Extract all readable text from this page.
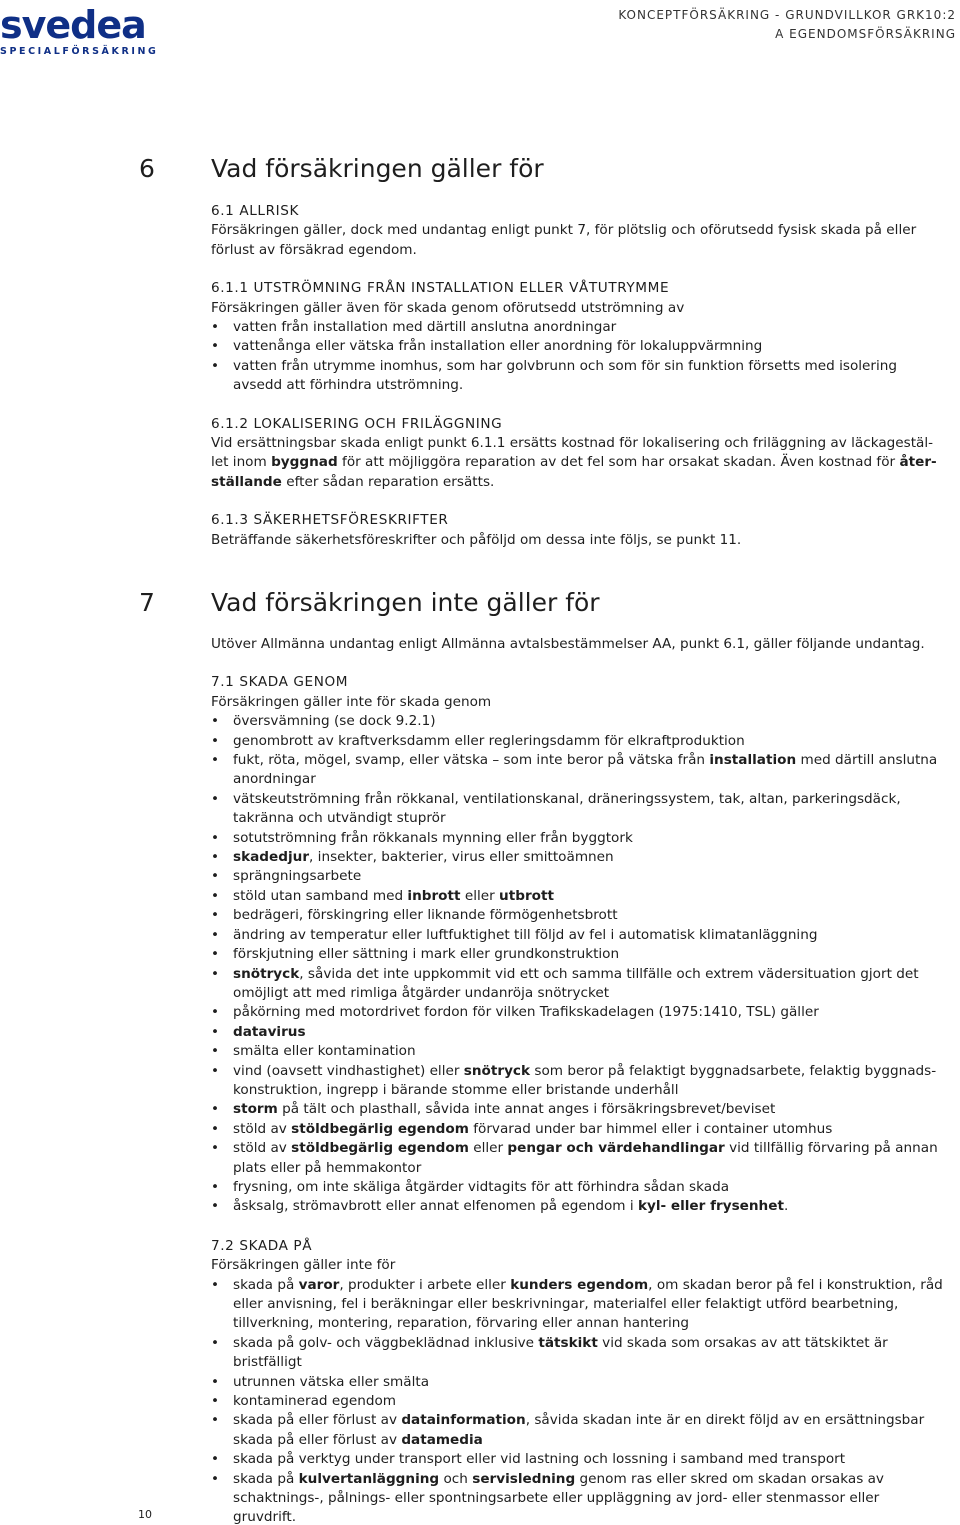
svedea
SPECIALFÖRSÄKRING
KONCEPTFÖRSÄKRING - GRUNDVILLKOR GRK10:2
A EGENDOMSFÖRSÄKRING
6 Vad försäkringen gäller för

6.1 ALLRISK

Försäkringen gäller, dock med undantag enligt punkt 7, för plötslig och oförutsedd fysisk skada på eller förlust av försäkrad egendom.

6.1.1 UTSTRÖMNING FRÅN INSTALLATION ELLER VÅTUTRYMME

Försäkringen gäller även för skada genom oförutsedd utströmning av

• vatten från installation med därtill anslutna anordningar
• vattenånga eller vätska från installation eller anordning för lokaluppvärmning
• vatten från utrymme inomhus, som har golvbrunn och som för sin funktion försetts med isolering avsedd att förhindra utströmning.

6.1.2 LOKALISERING OCH FRILÄGGNING

Vid ersättningsbar skada enligt punkt 6.1.1 ersätts kostnad för lokalisering och friläggning av läckagestäl-
let inom byggnad för att möjliggöra reparation av det fel som har orsakat skadan. Även kostnad för åter-
ställande efter sådan reparation ersätts.

6.1.3 SÄKERHETSFÖRESKRIFTER

Beträffande säkerhetsföreskrifter och påföljd om dessa inte följs, se punkt 11.

7 Vad försäkringen inte gäller för

Utöver Allmänna undantag enligt Allmänna avtalsbestämmelser AA, punkt 6.1, gäller följande undantag.

7.1 SKADA GENOM

Försäkringen gäller inte för skada genom

• översvämning (se dock 9.2.1)
• genombrott av kraftverksdamm eller regleringsdamm för elkraftproduktion
• fukt, röta, mögel, svamp, eller vätska – som inte beror på vätska från installation med därtill anslutna anordningar
• vätskeutströmning från rökkanal, ventilationskanal, dräneringssystem, tak, altan, parkeringsdäck, takränna och utvändigt stuprör
• sotutströmning från rökkanals mynning eller från byggtork
• skadedjur, insekter, bakterier, virus eller smittoämnen
• sprängningsarbete
• stöld utan samband med inbrott eller utbrott
• bedrägeri, förskingring eller liknande förmögenhetsbrott
• ändring av temperatur eller luftfuktighet till följd av fel i automatisk klimatanläggning
• förskjutning eller sättning i mark eller grundkonstruktion
• snötryck, såvida det inte uppkommit vid ett och samma tillfälle och extrem vädersituation gjort det omöjligt att med rimliga åtgärder undanröja snötrycket
• påkörning med motordrivet fordon för vilken Trafikskadelagen (1975:1410, TSL) gäller
• datavirus
• smälta eller kontamination
• vind (oavsett vindhastighet) eller snötryck som beror på felaktigt byggnadsarbete, felaktig byggnads-konstruktion, ingrepp i bärande stomme eller bristande underhåll
• storm på tält och plasthall, såvida inte annat anges i försäkringsbrevet/beviset
• stöld av stöldbegärlig egendom förvarad under bar himmel eller i container utomhus
• stöld av stöldbegärlig egendom eller pengar och värdehandlingar vid tillfällig förvaring på annan plats eller på hemmakontor
• frysning, om inte skäliga åtgärder vidtagits för att förhindra sådan skada
• åsksalg, strömavbrott eller annat elfenomen på egendom i kyl- eller frysenhet.

7.2 SKADA PÅ

Försäkringen gäller inte för

• skada på varor, produkter i arbete eller kunders egendom, om skadan beror på fel i konstruktion, råd eller anvisning, fel i beräkningar eller beskrivningar, materialfel eller felaktigt utförd bearbetning, tillverkning, montering, reparation, förvaring eller annan hantering
• skada på golv- och väggbeklädnad inklusive tätskikt vid skada som orsakas av att tätskiktet är bristfälligt
• utrunnen vätska eller smälta
• kontaminerad egendom
• skada på eller förlust av datainformation, såvida skadan inte är en direkt följd av en ersättningsbar skada på eller förlust av datamedia
• skada på verktyg under transport eller vid lastning och lossning i samband med transport
• skada på kulvertanläggning och servisledning genom ras eller skred om skadan orsakas av schaktnings-, pålnings- eller spontningsarbete eller uppläggning av jord- eller stenmassor eller gruvdrift.
10
